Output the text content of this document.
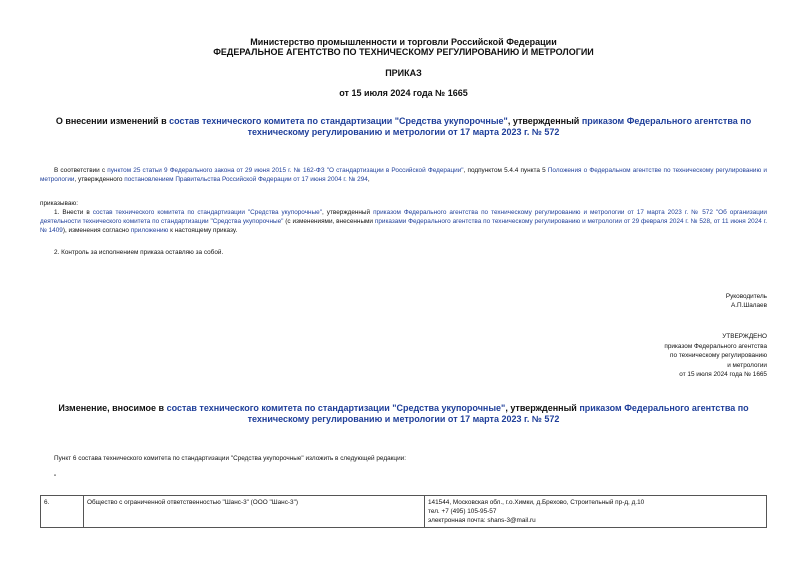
Министерство промышленности и торговли Российской Федерации
ФЕДЕРАЛЬНОЕ АГЕНТСТВО ПО ТЕХНИЧЕСКОМУ РЕГУЛИРОВАНИЮ И МЕТРОЛОГИИ
ПРИКАЗ
от 15 июля 2024 года № 1665
О внесении изменений в состав технического комитета по стандартизации "Средства укупорочные", утвержденный приказом Федерального агентства по техническому регулированию и метрологии от 17 марта 2023 г. № 572
В соответствии с пунктом 25 статьи 9 Федерального закона от 29 июня 2015 г. № 162-ФЗ "О стандартизации в Российской Федерации", подпунктом 5.4.4 пункта 5 Положения о Федеральном агентстве по техническому регулированию и метрологии, утвержденного постановлением Правительства Российской Федерации от 17 июня 2004 г. № 294,
приказываю:
1. Внести в состав технического комитета по стандартизации "Средства укупорочные", утвержденный приказом Федерального агентства по техническому регулированию и метрологии от 17 марта 2023 г. № 572 "Об организации деятельности технического комитета по стандартизации "Средства укупорочные" (с изменениями, внесенными приказами Федерального агентства по техническому регулированию и метрологии от 29 февраля 2024 г. № 528, от 11 июня 2024 г. № 1409), изменения согласно приложению к настоящему приказу.
2. Контроль за исполнением приказа оставляю за собой.
Руководитель
А.П.Шалаев
УТВЕРЖДЕНО
приказом Федерального агентства
по техническому регулированию
и метрологии
от 15 июля 2024 года № 1665
Изменение, вносимое в состав технического комитета по стандартизации "Средства укупорочные", утвержденный приказом Федерального агентства по техническому регулированию и метрологии от 17 марта 2023 г. № 572
Пункт 6 состава технического комитета по стандартизации "Средства укупорочные" изложить в следующей редакции:
"
6.	Общество с ограниченной ответственностью "Шанс-3" (ООО "Шанс-3")	141544, Московская обл., г.о.Химки, д.Брехово, Строительный пр-д, д.10
тел. +7 (495) 105-95-57
электронная почта: shans-3@mail.ru
